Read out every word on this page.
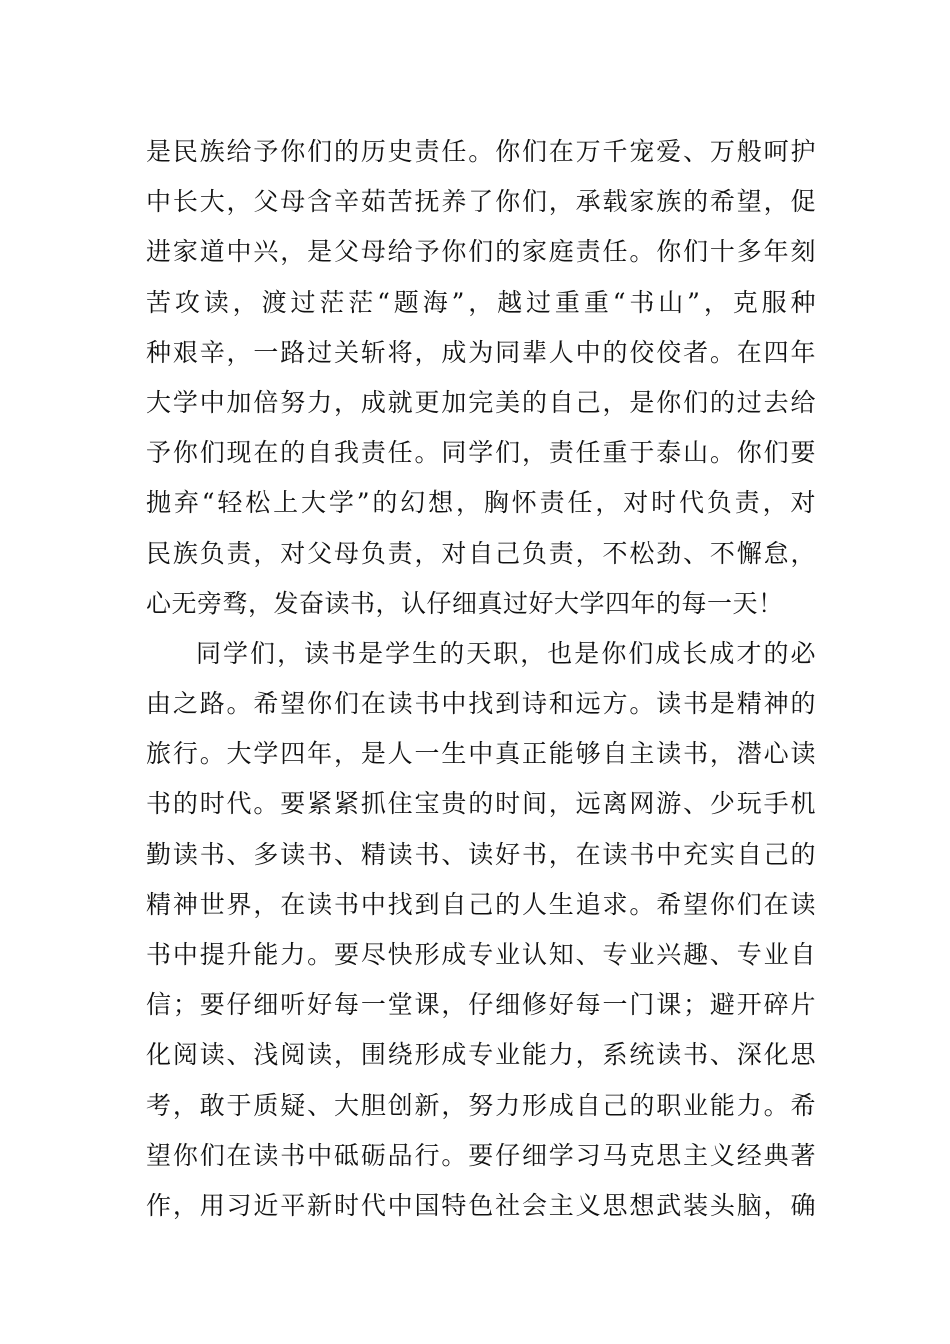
是民族给予你们的历史责任。你们在万千宠爱、万般呵护
中长大，父母含辛茹苦抚养了你们，承载家族的希望，促
进家道中兴，是父母给予你们的家庭责任。你们十多年刻
苦攻读，渡过茫茫“题海”，越过重重“书山”，克服种
种艰辛，一路过关斩将，成为同辈人中的佼佼者。在四年
大学中加倍努力，成就更加完美的自己，是你们的过去给
予你们现在的自我责任。同学们，责任重于泰山。你们要
抛弃“轻松上大学”的幻想，胸怀责任，对时代负责，对
民族负责，对父母负责，对自己负责，不松劲、不懈怠，
心无旁骛，发奋读书，认仔细真过好大学四年的每一天！
同学们，读书是学生的天职，也是你们成长成才的必
由之路。希望你们在读书中找到诗和远方。读书是精神的
旅行。大学四年，是人一生中真正能够自主读书，潜心读
书的时代。要紧紧抓住宝贵的时间，远离网游、少玩手机
勤读书、多读书、精读书、读好书，在读书中充实自己的
精神世界，在读书中找到自己的人生追求。希望你们在读
书中提升能力。要尽快形成专业认知、专业兴趣、专业自
信；要仔细听好每一堂课，仔细修好每一门课；避开碎片
化阅读、浅阅读，围绕形成专业能力，系统读书、深化思
考，敢于质疑、大胆创新，努力形成自己的职业能力。希
望你们在读书中砥砺品行。要仔细学习马克思主义经典著
作，用习近平新时代中国特色社会主义思想武装头脑，确
